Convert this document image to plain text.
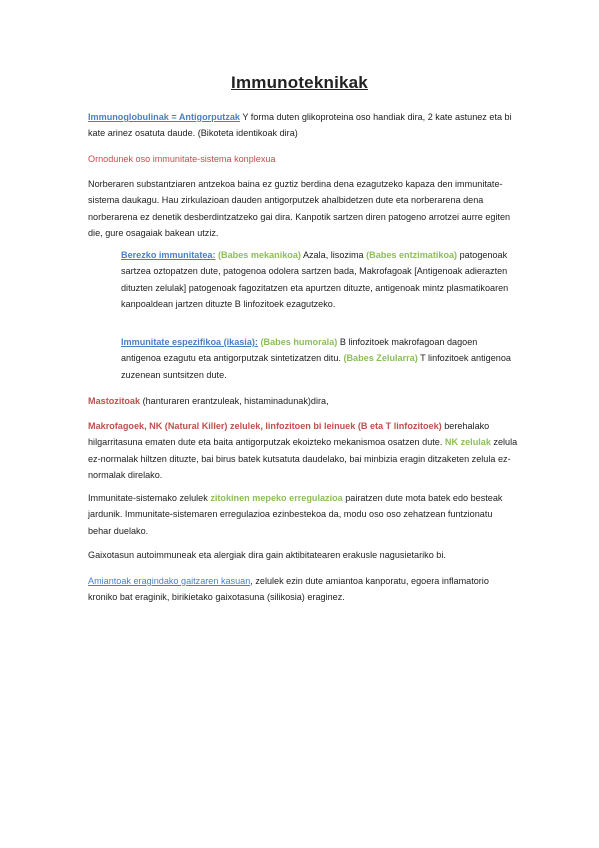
Immunoteknikak

Immunoglobulinak = Antigorputzak Y forma duten glikoproteina oso handiak dira, 2 kate astunez eta bi kate arinez osatuta daude. (Bikoteta identikoak dira)

Ornodunek oso immunitate-sistema konplexua

Norberaren substantziaren antzekoa baina ez guztiz berdina dena ezagutzeko kapaza den immunitate-sistema daukagu. Hau zirkulazioan dauden antigorputzek ahalbidetzen dute eta norberarena dena norberarena ez denetik desberdintzatzeko gai dira. Kanpotik sartzen diren patogeno arrotzei aurre egiten die, gure osagaiak bakean utziz.

Berezko immunitatea: (Babes mekanikoa) Azala, lisozima (Babes entzimatikoa) patogenoak sartzea oztopatzen dute, patogenoa odolera sartzen bada, Makrofagoak [Antigenoak adierazten dituzten zelulak] patogenoak fagozitatzen eta apurtzen dituzte, antigenoak mintz plasmatikoaren kanpoaldean jartzen dituzte B linfozitoek ezagutzeko.

Immunitate espezifikoa (ikasia): (Babes humorala) B linfozitoek makrofagoan dagoen antigenoa ezagutu eta antigorputzak sintetizatzen ditu. (Babes Zelularra) T linfozitoek antigenoa zuzenean suntsitzen dute.

Mastozitoak (hanturaren erantzuleak, histaminadunak)dira,

Makrofagoek, NK (Natural Killer) zelulek, linfozitoen bi leinuek (B eta T linfozitoek) berehalako hilgarritasuna ematen dute eta baita antigorputzak ekoizteko mekanismoa osatzen dute. NK zelulak zelula ez-normalak hiltzen dituzte, bai birus batek kutsatuta daudelako, bai minbizia eragin ditzaketen zelula ez-normalak direlako.

Immunitate-sistemako zelulek zitokinen mepeko erregulazioa pairatzen dute mota batek edo besteak jardunik. Immunitate-sistemaren erregulazioa ezinbestekoa da, modu oso oso zehatzean funtzionatu behar duelako.

Gaixotasun autoimmuneak eta alergiak dira gain aktibitatearen erakusle nagusietariko bi.

Amiantoak eragindako gaitzaren kasuan, zelulek ezin dute amiantoa kanporatu, egoera inflamatorio kroniko bat eraginik, birikietako gaixotasuna (silikosia) eraginez.
